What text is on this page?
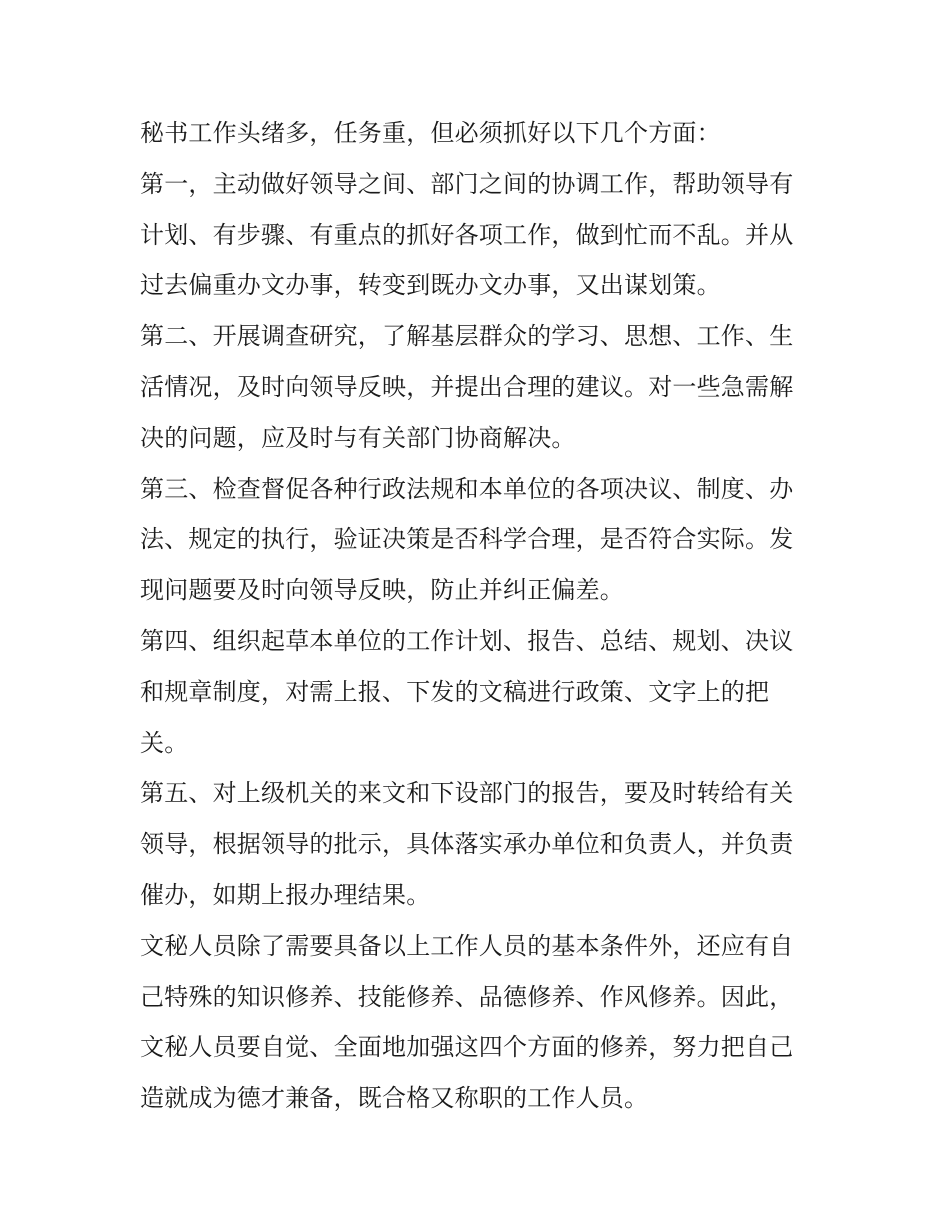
秘书工作头绪多，任务重，但必须抓好以下几个方面：
第一，主动做好领导之间、部门之间的协调工作，帮助领导有
计划、有步骤、有重点的抓好各项工作，做到忙而不乱。并从
过去偏重办文办事，转变到既办文办事，又出谋划策。
第二、开展调查研究，了解基层群众的学习、思想、工作、生
活情况，及时向领导反映，并提出合理的建议。对一些急需解
决的问题，应及时与有关部门协商解决。
第三、检查督促各种行政法规和本单位的各项决议、制度、办
法、规定的执行，验证决策是否科学合理，是否符合实际。发
现问题要及时向领导反映，防止并纠正偏差。
第四、组织起草本单位的工作计划、报告、总结、规划、决议
和规章制度，对需上报、下发的文稿进行政策、文字上的把
关。
第五、对上级机关的来文和下设部门的报告，要及时转给有关
领导，根据领导的批示，具体落实承办单位和负责人，并负责
催办，如期上报办理结果。
文秘人员除了需要具备以上工作人员的基本条件外，还应有自
己特殊的知识修养、技能修养、品德修养、作风修养。因此，
文秘人员要自觉、全面地加强这四个方面的修养，努力把自己
造就成为德才兼备，既合格又称职的工作人员。
